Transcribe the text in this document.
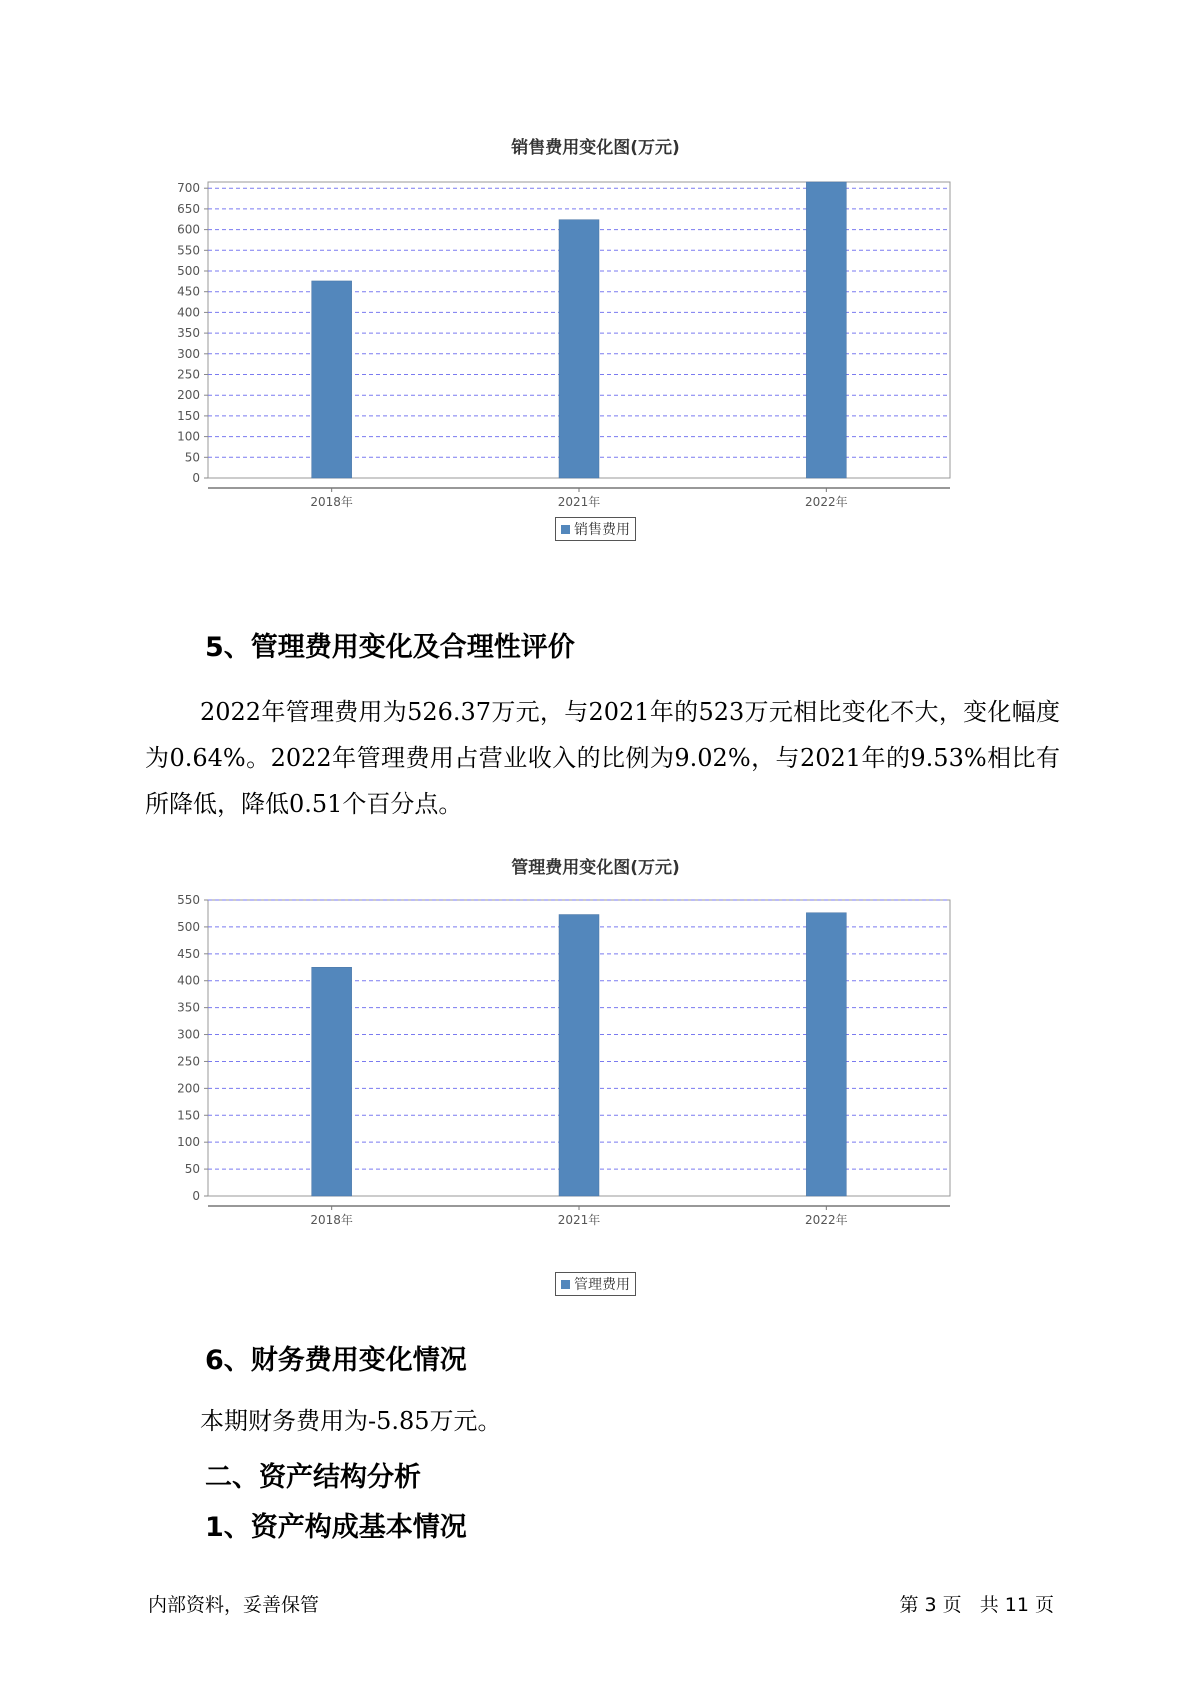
销售费用变化图(万元)
0
50
100
150
200
250
300
350
400
450
500
550
600
650
700
2018年	2021年	2022年
销售费用
5、管理费用变化及合理性评价
2022年管理费用为526.37万元，与2021年的523万元相比变化不大，变化幅度为0.64%。2022年管理费用占营业收入的比例为9.02%，与2021年的9.53%相比有所降低，降低0.51个百分点。
管理费用变化图(万元)
0
50
100
150
200
250
300
350
400
450
500
550
2018年	2021年	2022年
管理费用
6、财务费用变化情况
本期财务费用为-5.85万元。
二、资产结构分析
1、资产构成基本情况
内部资料，妥善保管	第 3 页   共 11 页
